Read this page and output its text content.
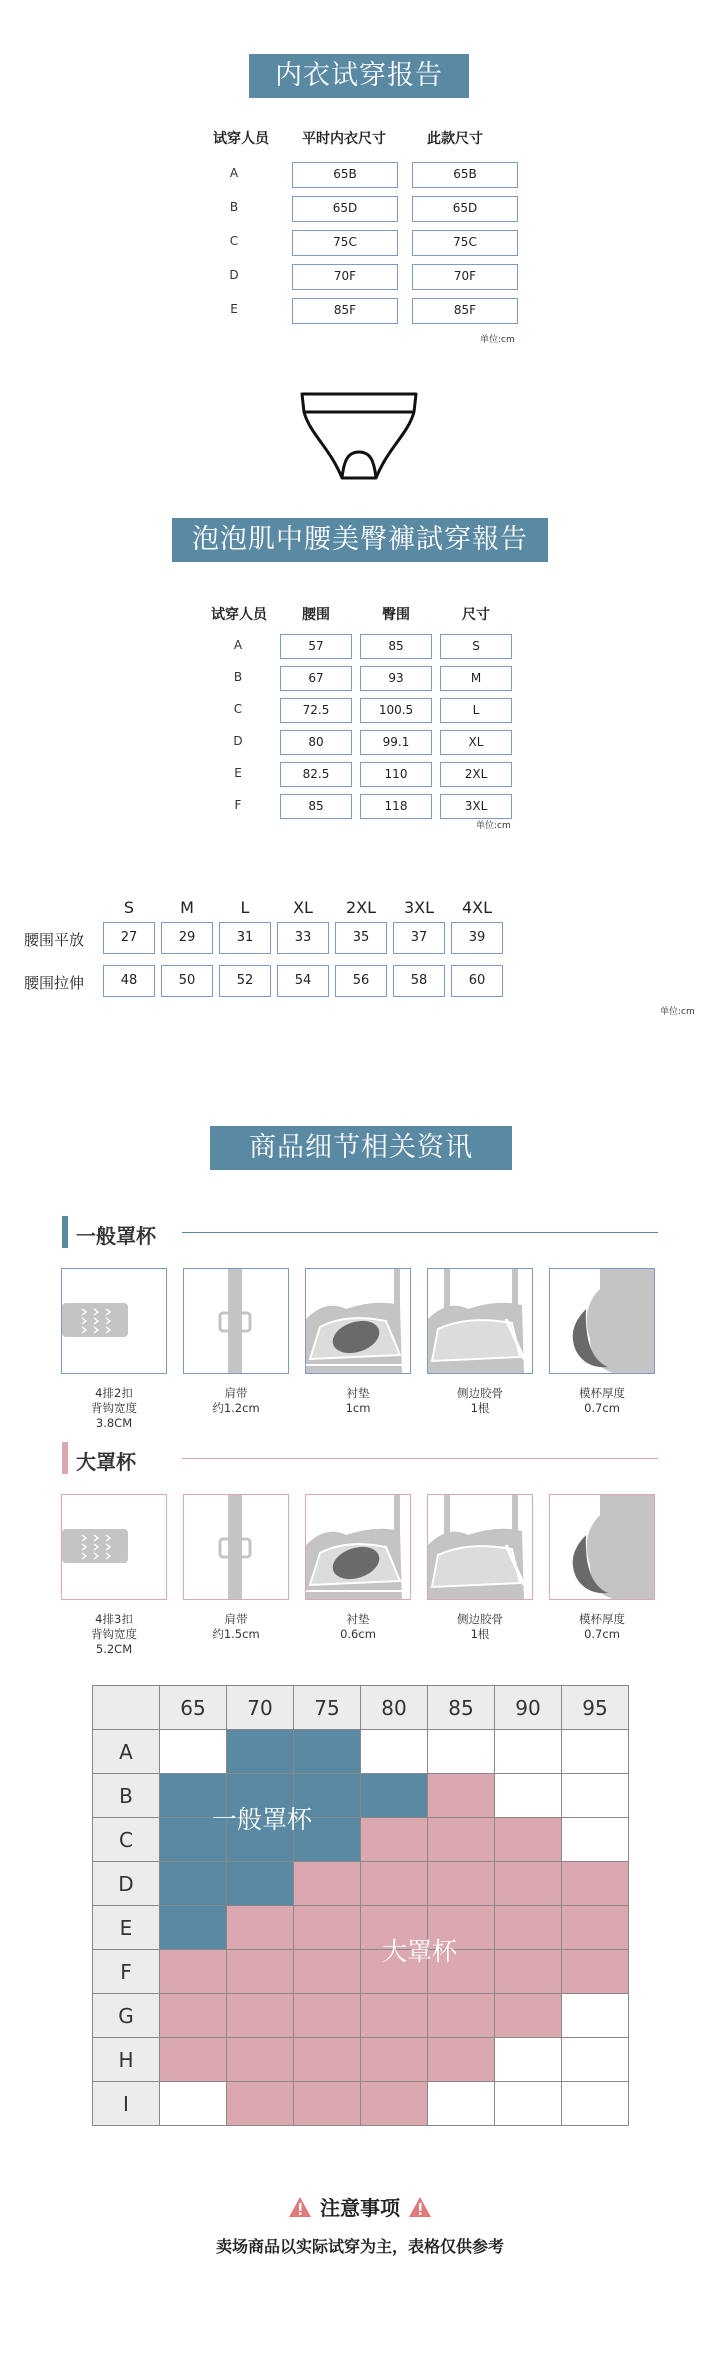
内衣试穿报告
试穿人员	平时内衣尺寸	此款尺寸
A	65B	65B
B	65D	65D
C	75C	75C
D	70F	70F
E	85F	85F
单位:cm
泡泡肌中腰美臀褲試穿報告
试穿人员	腰围	臀围	尺寸
A	57	85	S
B	67	93	M
C	72.5	100.5	L
D	80	99.1	XL
E	82.5	110	2XL
F	85	118	3XL
单位:cm
S	M	L	XL	2XL	3XL	4XL
腰围平放	27	29	31	33	35	37	39
腰围拉伸	48	50	52	54	56	58	60
单位:cm
商品细节相关资讯
一般罩杯
4排2扣
背钩宽度
3.8CM
肩带
约1.2cm
衬垫
1cm
侧边胶骨
1根
模杯厚度
0.7cm
大罩杯
4排3扣
背钩宽度
5.2CM
肩带
约1.5cm
衬垫
0.6cm
侧边胶骨
1根
模杯厚度
0.7cm
	65	70	75	80	85	90	95
A							
B							
C							
D							
E							
F							
G							
H							
I							
一般罩杯
大罩杯
注意事项
卖场商品以实际试穿为主，表格仅供参考
